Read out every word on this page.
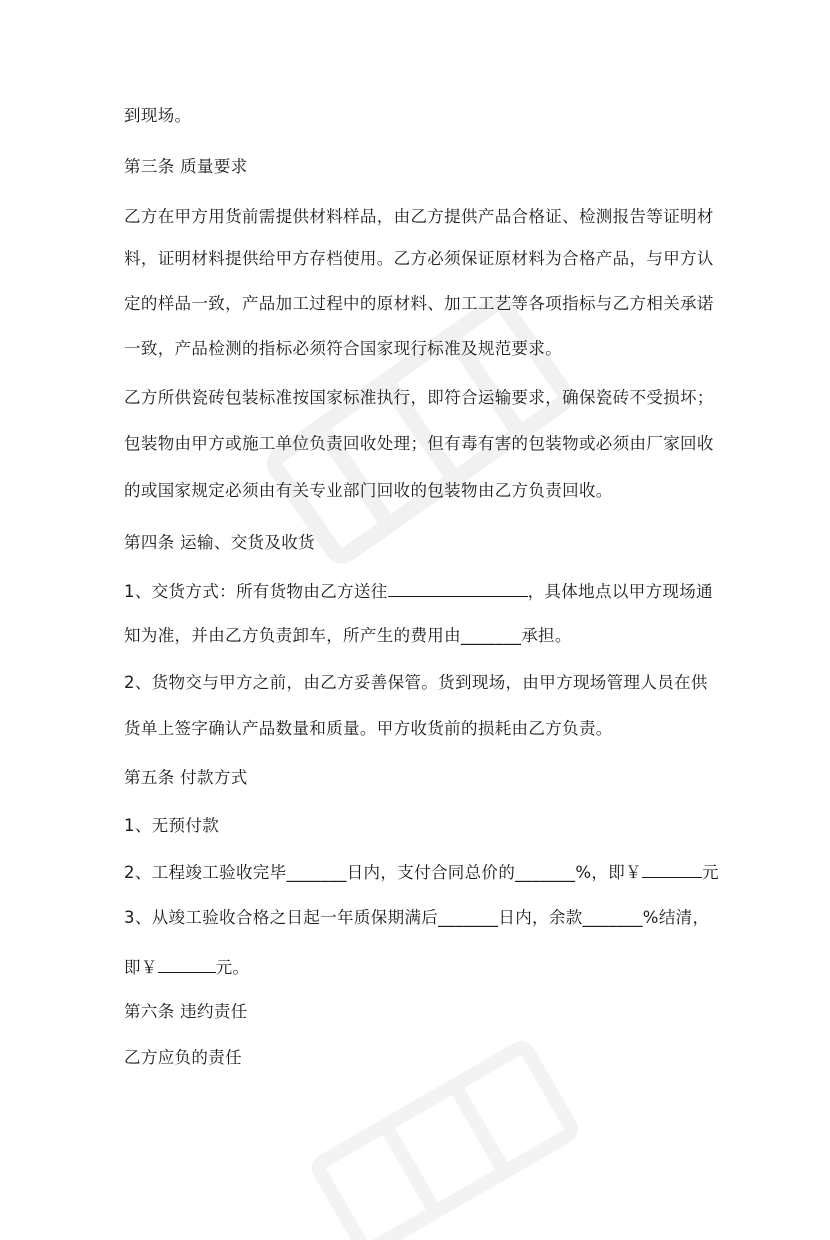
到现场。
第三条 质量要求
乙方在甲方用货前需提供材料样品，由乙方提供产品合格证、检测报告等证明材
料，证明材料提供给甲方存档使用。乙方必须保证原材料为合格产品，与甲方认
定的样品一致，产品加工过程中的原材料、加工工艺等各项指标与乙方相关承诺
一致，产品检测的指标必须符合国家现行标准及规范要求。
乙方所供瓷砖包装标准按国家标准执行，即符合运输要求，确保瓷砖不受损坏；
包装物由甲方或施工单位负责回收处理；但有毒有害的包装物或必须由厂家回收
的或国家规定必须由有关专业部门回收的包装物由乙方负责回收。
第四条 运输、交货及收货
1、交货方式：所有货物由乙方送往	，具体地点以甲方现场通
知为准，并由乙方负责卸车，所产生的费用由_______承担。
2、货物交与甲方之前，由乙方妥善保管。货到现场，由甲方现场管理人员在供
货单上签字确认产品数量和质量。甲方收货前的损耗由乙方负责。
第五条 付款方式
1、无预付款
2、工程竣工验收完毕_______日内，支付合同总价的_______%，即￥	元
3、从竣工验收合格之日起一年质保期满后_______日内，余款_______%结清，
即￥	元。
第六条 违约责任
乙方应负的责任
